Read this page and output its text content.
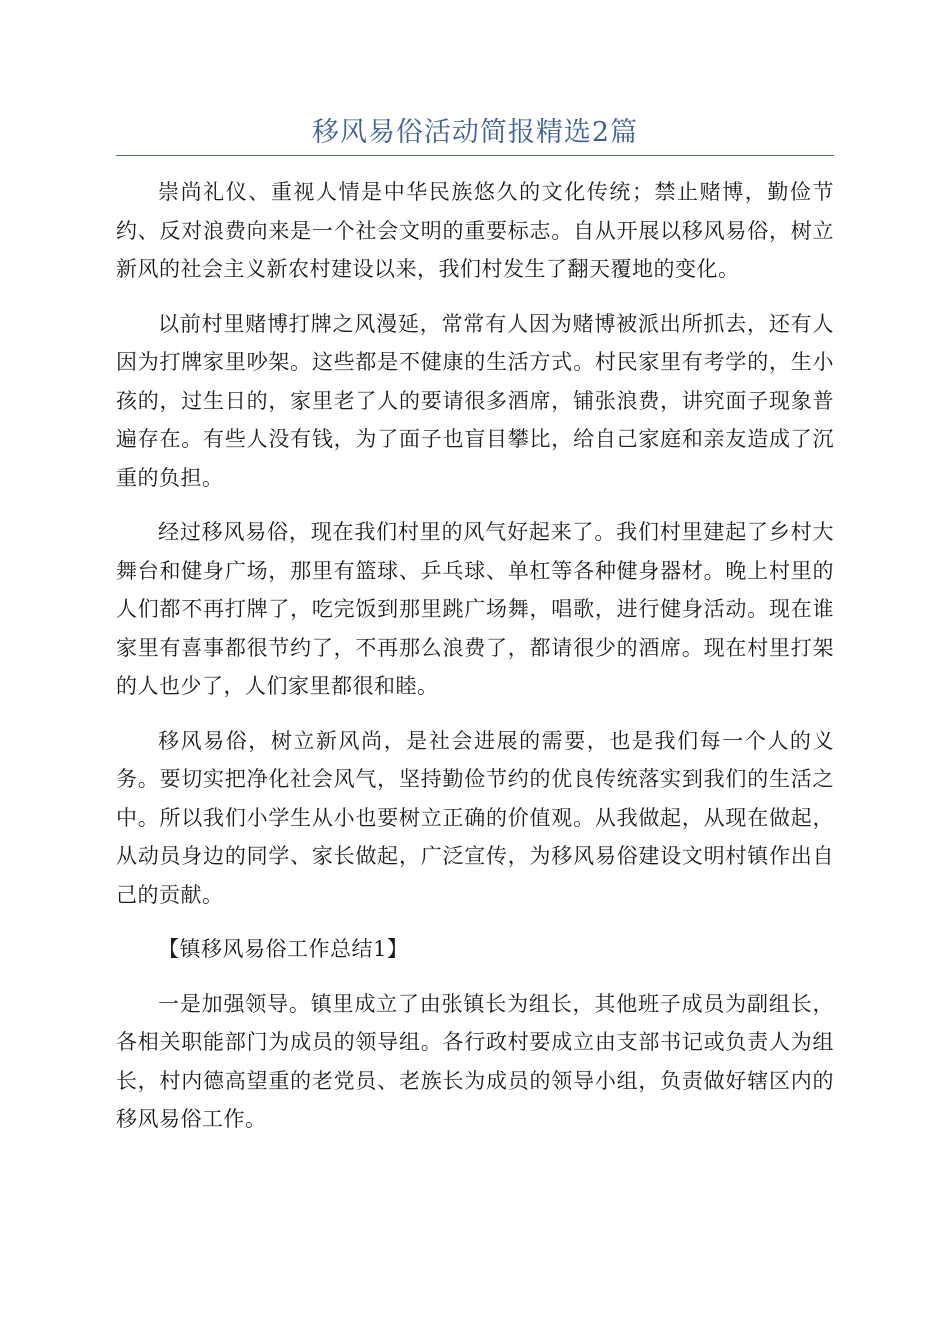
移风易俗活动简报精选2篇

崇尚礼仪、重视人情是中华民族悠久的文化传统；禁止赌博，勤俭节约、反对浪费向来是一个社会文明的重要标志。自从开展以移风易俗，树立新风的社会主义新农村建设以来，我们村发生了翻天覆地的变化。

以前村里赌博打牌之风漫延，常常有人因为赌博被派出所抓去，还有人因为打牌家里吵架。这些都是不健康的生活方式。村民家里有考学的，生小孩的，过生日的，家里老了人的要请很多酒席，铺张浪费，讲究面子现象普遍存在。有些人没有钱，为了面子也盲目攀比，给自己家庭和亲友造成了沉重的负担。

经过移风易俗，现在我们村里的风气好起来了。我们村里建起了乡村大舞台和健身广场，那里有篮球、乒乓球、单杠等各种健身器材。晚上村里的人们都不再打牌了，吃完饭到那里跳广场舞，唱歌，进行健身活动。现在谁家里有喜事都很节约了，不再那么浪费了，都请很少的酒席。现在村里打架的人也少了，人们家里都很和睦。

移风易俗，树立新风尚，是社会进展的需要，也是我们每一个人的义务。要切实把净化社会风气，坚持勤俭节约的优良传统落实到我们的生活之中。所以我们小学生从小也要树立正确的价值观。从我做起，从现在做起，从动员身边的同学、家长做起，广泛宣传，为移风易俗建设文明村镇作出自己的贡献。

【镇移风易俗工作总结1】

一是加强领导。镇里成立了由张镇长为组长，其他班子成员为副组长，各相关职能部门为成员的领导组。各行政村要成立由支部书记或负责人为组长，村内德高望重的老党员、老族长为成员的领导小组，负责做好辖区内的移风易俗工作。
